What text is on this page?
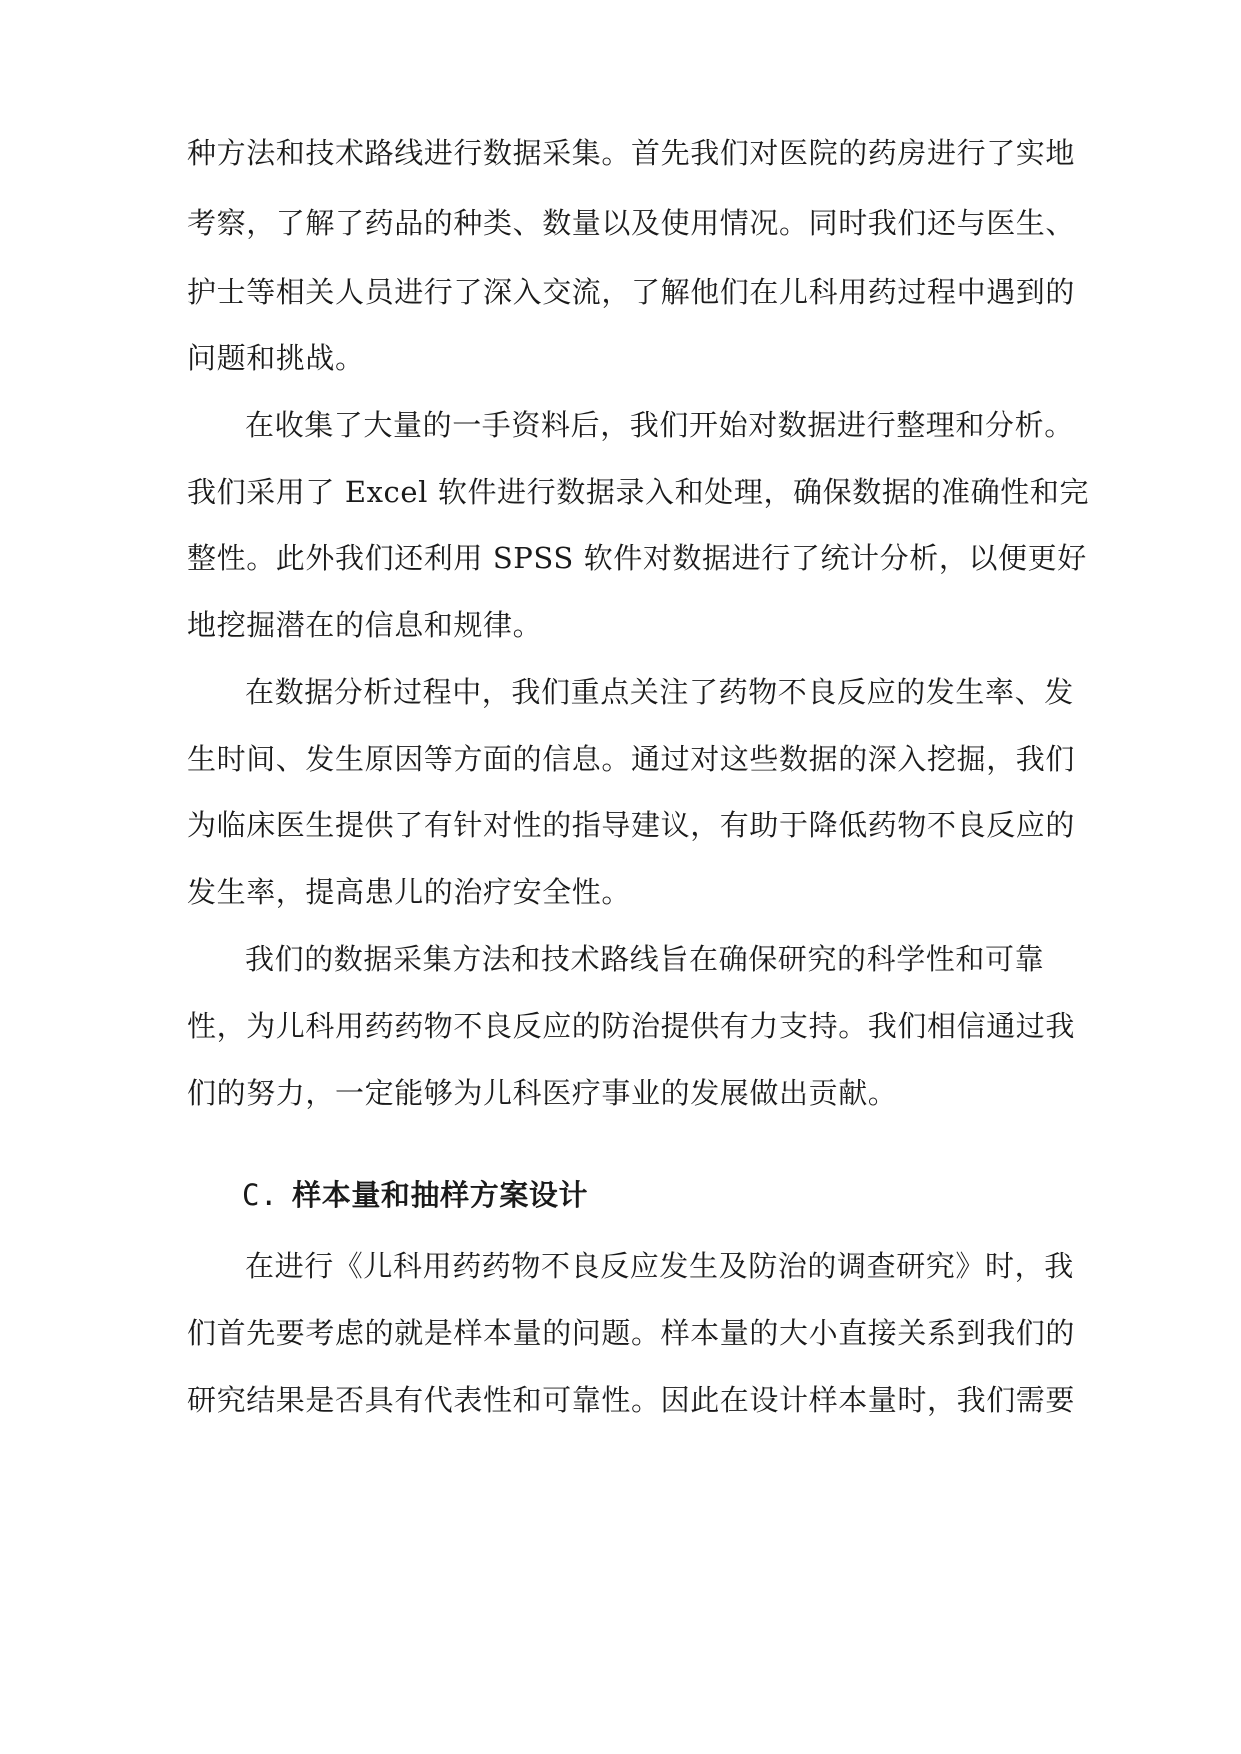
种方法和技术路线进行数据采集。首先我们对医院的药房进行了实地
考察，了解了药品的种类、数量以及使用情况。同时我们还与医生、
护士等相关人员进行了深入交流，了解他们在儿科用药过程中遇到的
问题和挑战。
在收集了大量的一手资料后，我们开始对数据进行整理和分析。
我们采用了 Excel 软件进行数据录入和处理，确保数据的准确性和完
整性。此外我们还利用 SPSS 软件对数据进行了统计分析，以便更好
地挖掘潜在的信息和规律。
在数据分析过程中，我们重点关注了药物不良反应的发生率、发
生时间、发生原因等方面的信息。通过对这些数据的深入挖掘，我们
为临床医生提供了有针对性的指导建议，有助于降低药物不良反应的
发生率，提高患儿的治疗安全性。
我们的数据采集方法和技术路线旨在确保研究的科学性和可靠
性，为儿科用药药物不良反应的防治提供有力支持。我们相信通过我
们的努力，一定能够为儿科医疗事业的发展做出贡献。
C. 样本量和抽样方案设计
在进行《儿科用药药物不良反应发生及防治的调查研究》时，我
们首先要考虑的就是样本量的问题。样本量的大小直接关系到我们的
研究结果是否具有代表性和可靠性。因此在设计样本量时，我们需要
